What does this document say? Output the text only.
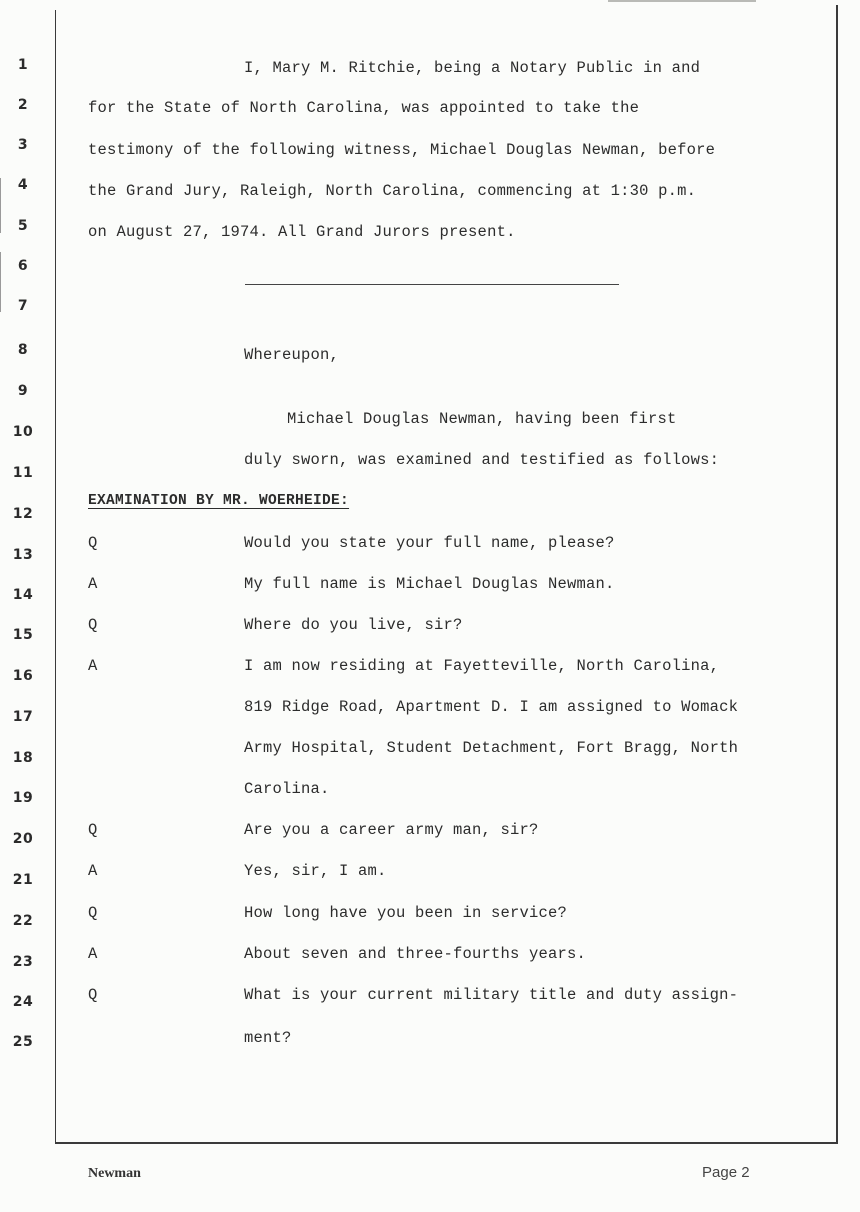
1
2
3
4
5
6
7
8
9
10
11
12
13
14
15
16
17
18
19
20
21
22
23
24
25
I, Mary M. Ritchie, being a Notary Public in and
for the State of North Carolina, was appointed to take the
testimony of the following witness, Michael Douglas Newman, before
the Grand Jury, Raleigh, North Carolina, commencing at 1:30 p.m.
on August 27, 1974. All Grand Jurors present.
Whereupon,
Michael Douglas Newman, having been first
duly sworn, was examined and testified as follows:
EXAMINATION BY MR. WOERHEIDE:
Q	Would you state your full name, please?
A	My full name is Michael Douglas Newman.
Q	Where do you live, sir?
A	I am now residing at Fayetteville, North Carolina,
819 Ridge Road, Apartment D. I am assigned to Womack
Army Hospital, Student Detachment, Fort Bragg, North
Carolina.
Q	Are you a career army man, sir?
A	Yes, sir, I am.
Q	How long have you been in service?
A	About seven and three-fourths years.
Q	What is your current military title and duty assign-
ment?
Newman	Page 2
